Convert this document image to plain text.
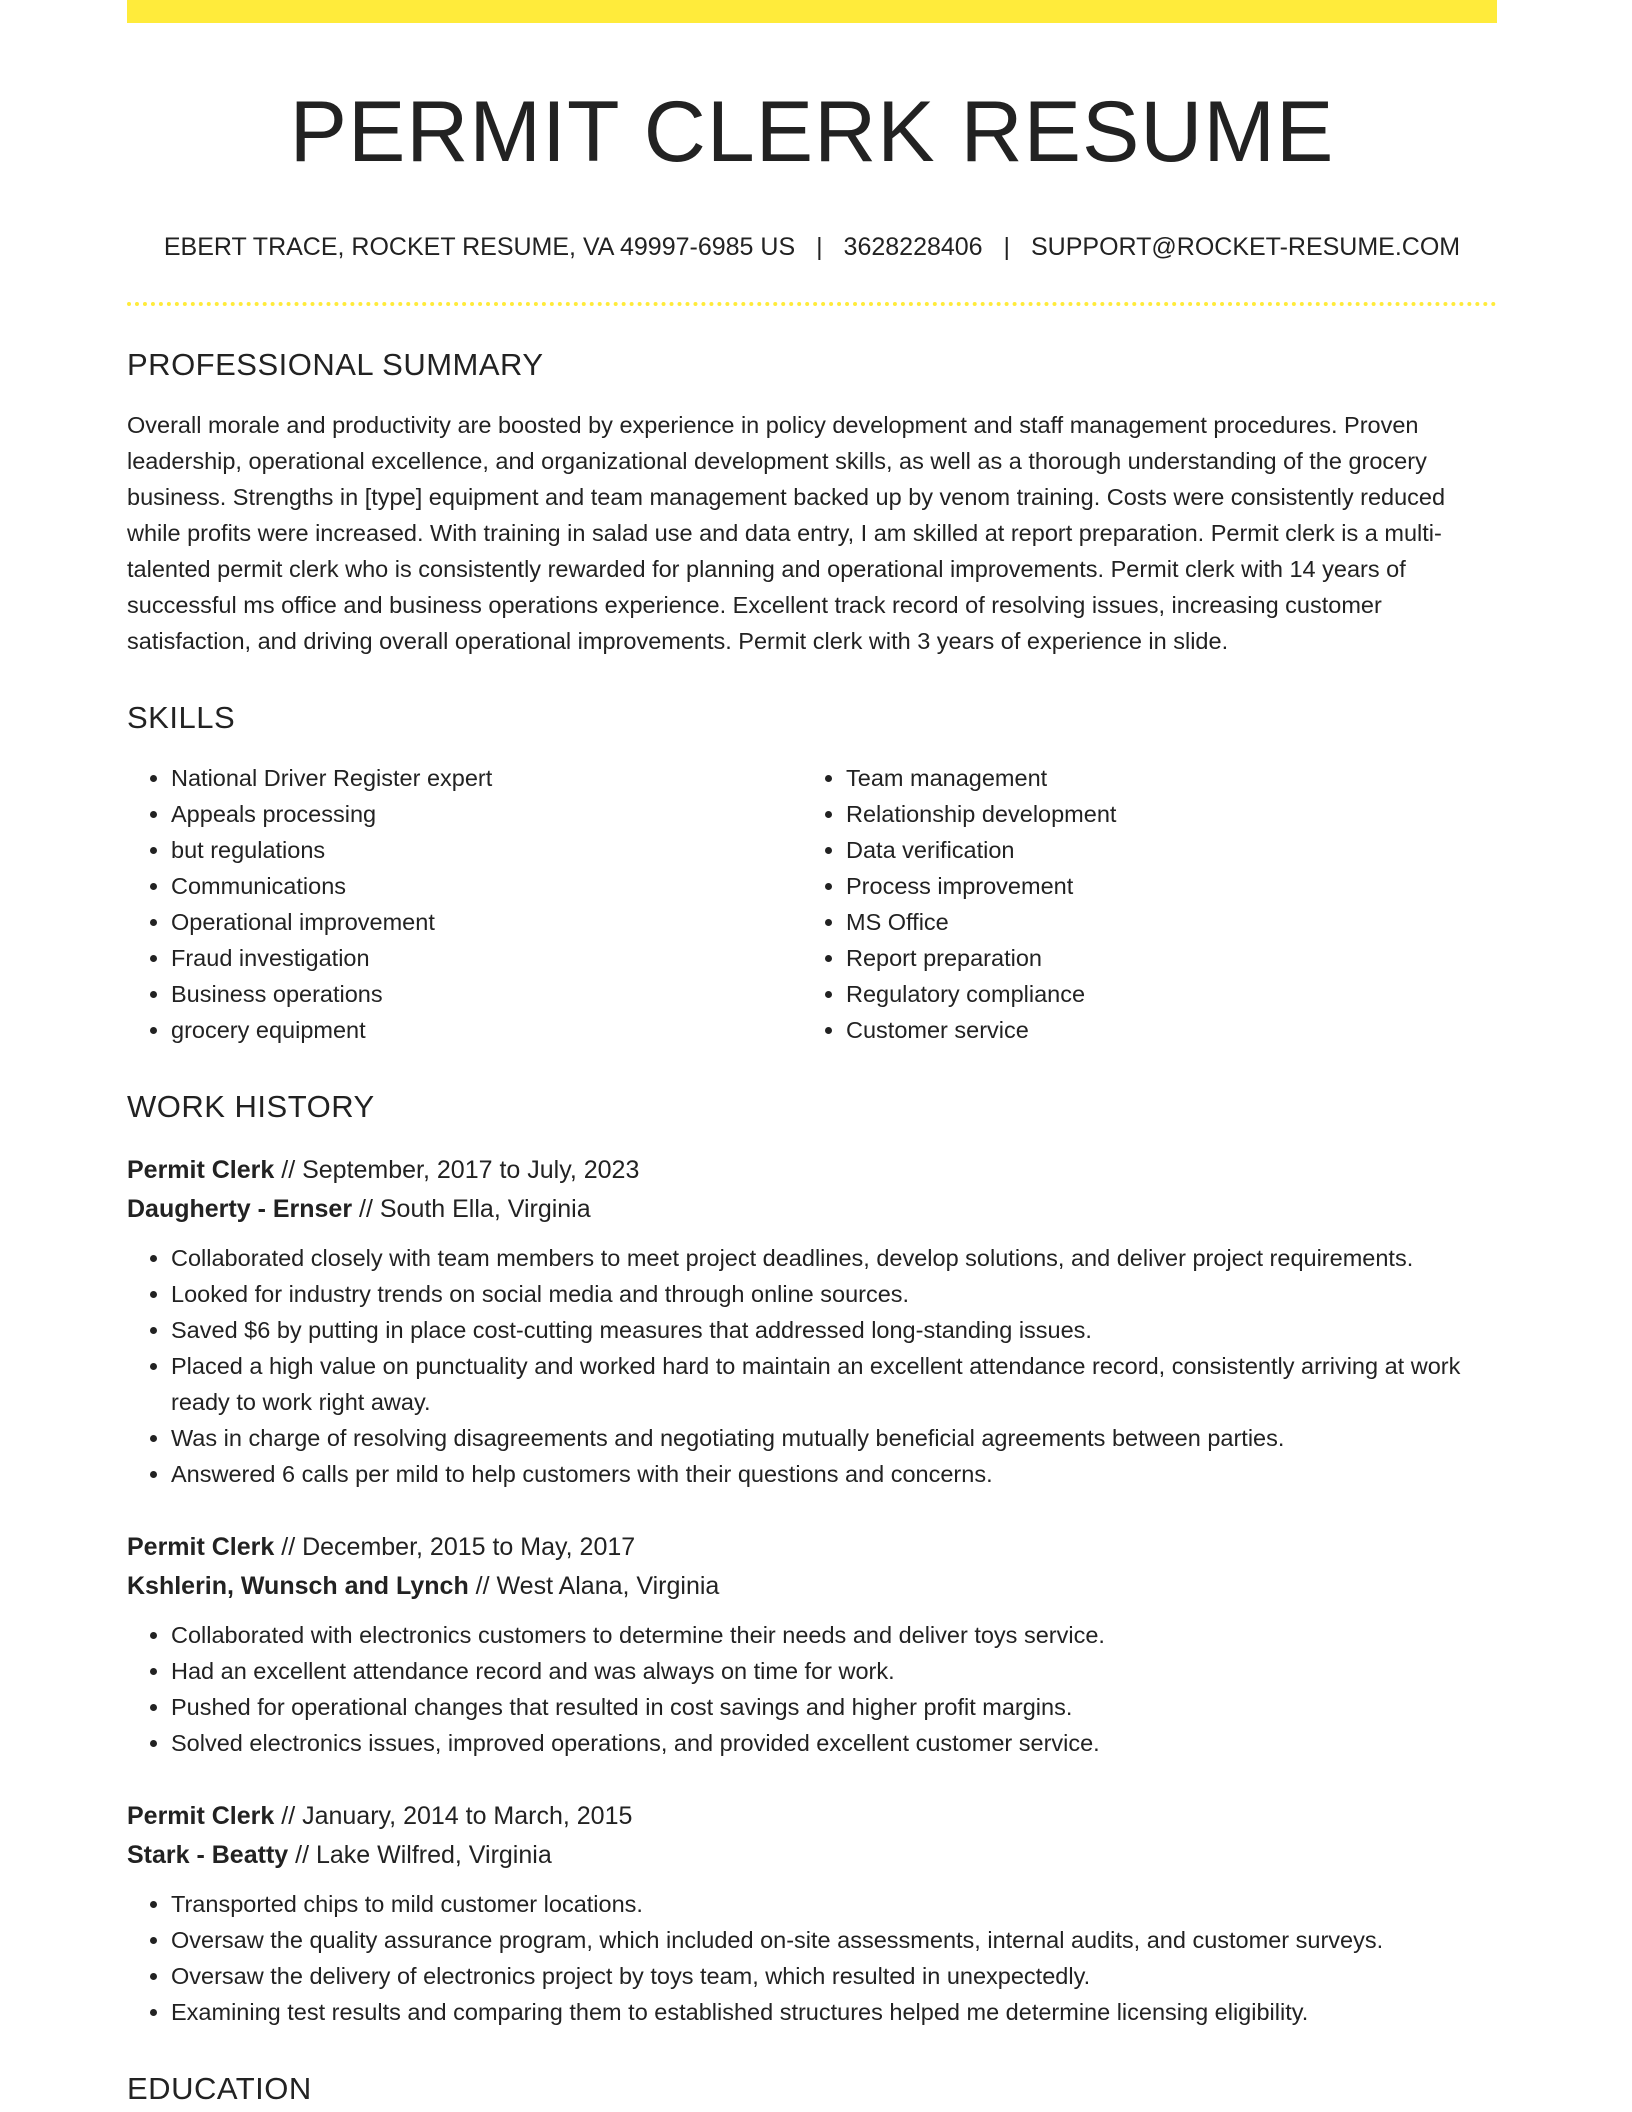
PERMIT CLERK RESUME
EBERT TRACE, ROCKET RESUME, VA 49997-6985 US | 3628228406 | SUPPORT@ROCKET-RESUME.COM
PROFESSIONAL SUMMARY

Overall morale and productivity are boosted by experience in policy development and staff management procedures. Proven leadership, operational excellence, and organizational development skills, as well as a thorough understanding of the grocery business. Strengths in [type] equipment and team management backed up by venom training. Costs were consistently reduced while profits were increased. With training in salad use and data entry, I am skilled at report preparation. Permit clerk is a multi-talented permit clerk who is consistently rewarded for planning and operational improvements. Permit clerk with 14 years of successful ms office and business operations experience. Excellent track record of resolving issues, increasing customer satisfaction, and driving overall operational improvements. Permit clerk with 3 years of experience in slide.

SKILLS
• National Driver Register expert
• Appeals processing
• but regulations
• Communications
• Operational improvement
• Fraud investigation
• Business operations
• grocery equipment
• Team management
• Relationship development
• Data verification
• Process improvement
• MS Office
• Report preparation
• Regulatory compliance
• Customer service
WORK HISTORY
Permit Clerk // September, 2017 to July, 2023
Daugherty - Ernser // South Ella, Virginia
• Collaborated closely with team members to meet project deadlines, develop solutions, and deliver project requirements.
• Looked for industry trends on social media and through online sources.
• Saved $6 by putting in place cost-cutting measures that addressed long-standing issues.
• Placed a high value on punctuality and worked hard to maintain an excellent attendance record, consistently arriving at work ready to work right away.
• Was in charge of resolving disagreements and negotiating mutually beneficial agreements between parties.
• Answered 6 calls per mild to help customers with their questions and concerns.
Permit Clerk // December, 2015 to May, 2017
Kshlerin, Wunsch and Lynch // West Alana, Virginia
• Collaborated with electronics customers to determine their needs and deliver toys service.
• Had an excellent attendance record and was always on time for work.
• Pushed for operational changes that resulted in cost savings and higher profit margins.
• Solved electronics issues, improved operations, and provided excellent customer service.
Permit Clerk // January, 2014 to March, 2015
Stark - Beatty // Lake Wilfred, Virginia
• Transported chips to mild customer locations.
• Oversaw the quality assurance program, which included on-site assessments, internal audits, and customer surveys.
• Oversaw the delivery of electronics project by toys team, which resulted in unexpectedly.
• Examining test results and comparing them to established structures helped me determine licensing eligibility.
EDUCATION
